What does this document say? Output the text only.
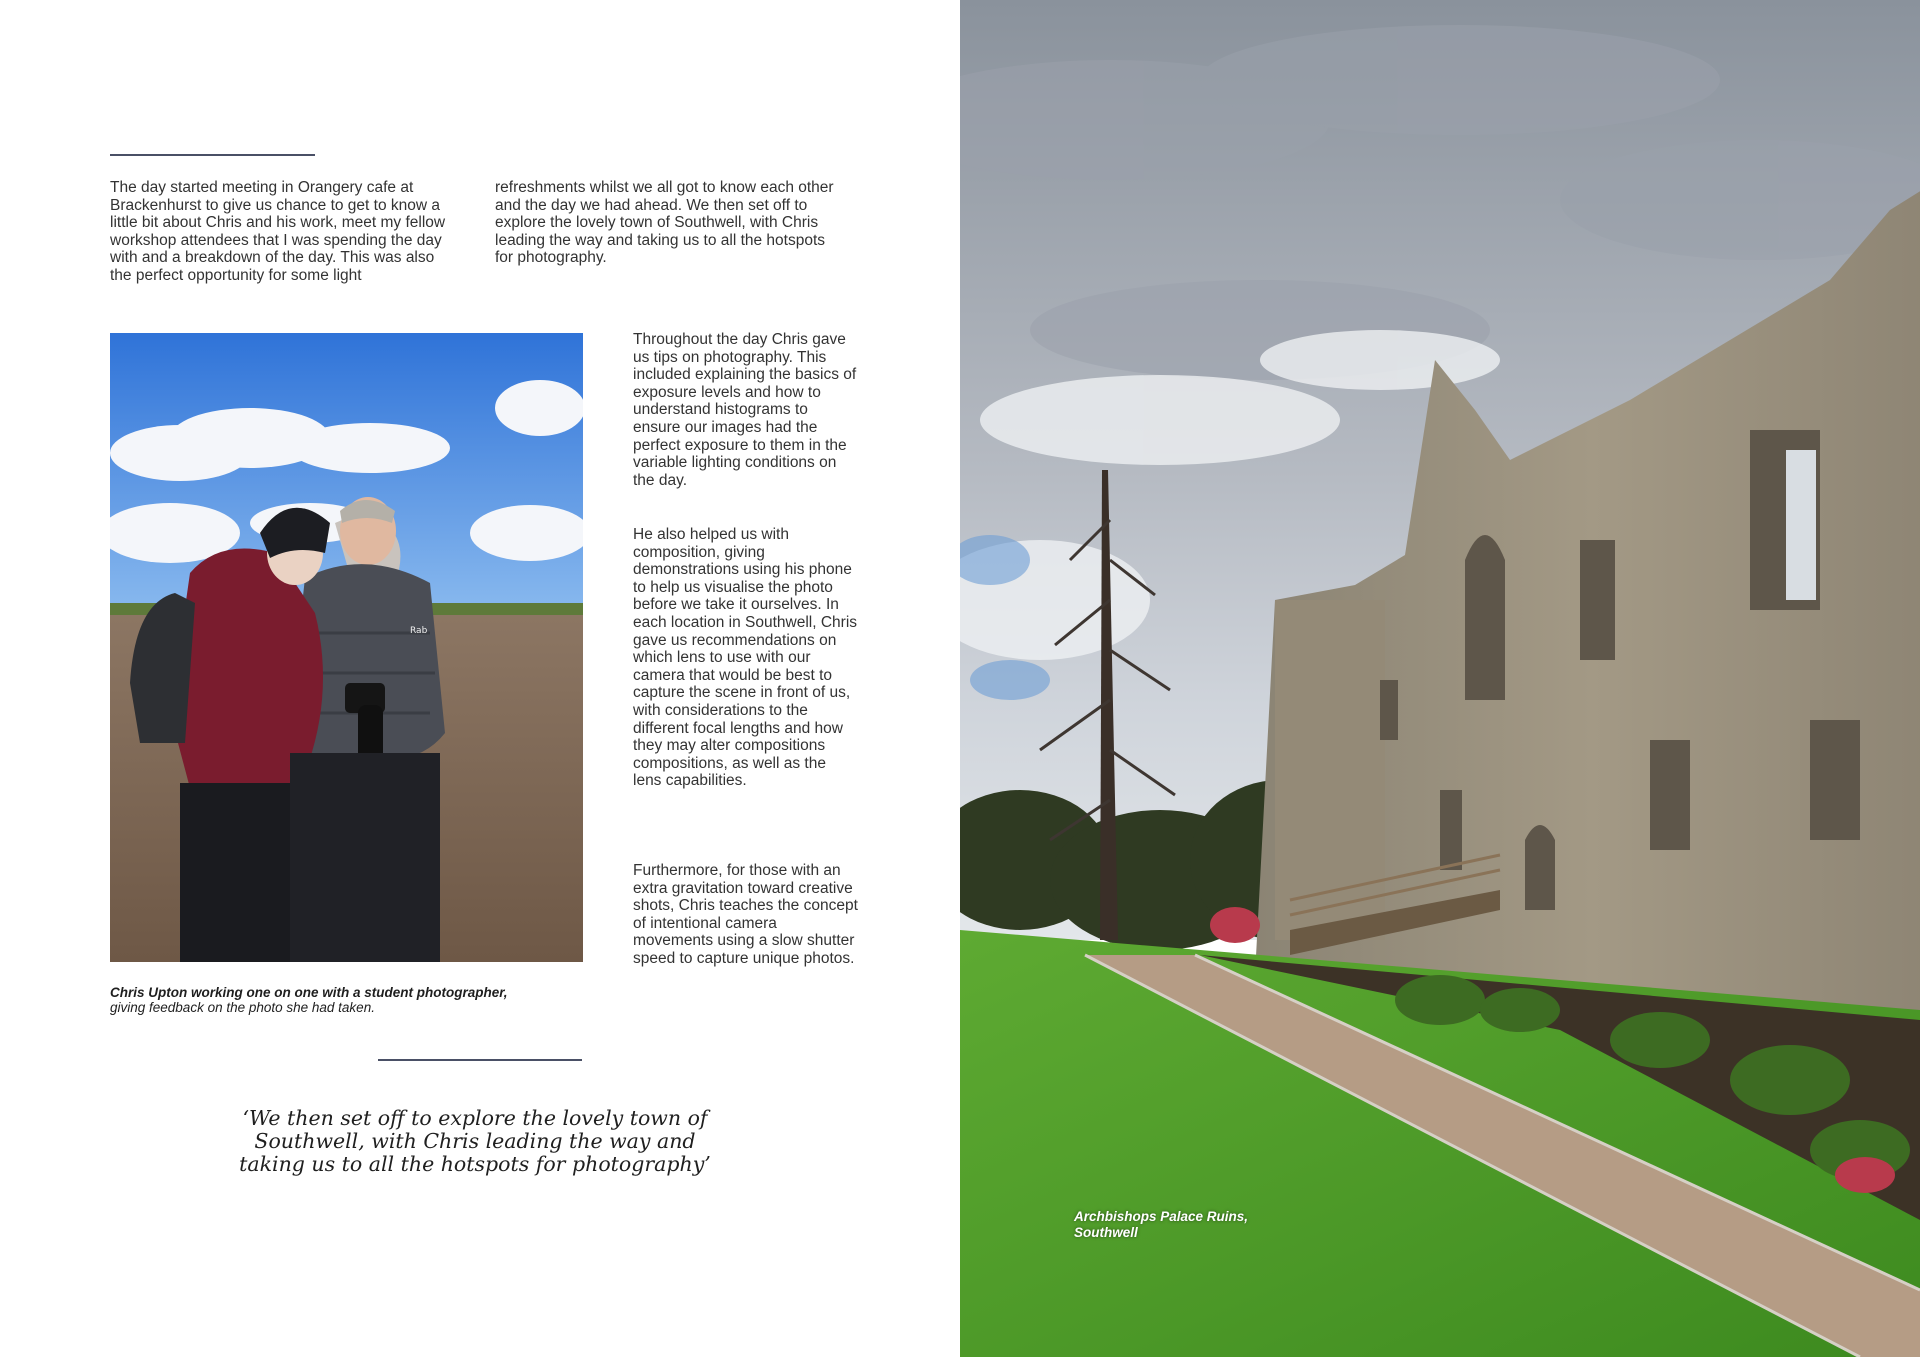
The day started meeting in Orangery cafe at Brackenhurst to give us chance to get to know a little bit about Chris and his work, meet my fellow workshop attendees that I was spending the day with and a breakdown of the day. This was also the perfect opportunity for some light

refreshments whilst we all got to know each other and the day we had ahead. We then set off to explore the lovely town of Southwell, with Chris leading the way and taking us to all the hotspots for photography.

Rab

Throughout the day Chris gave us tips on photography. This included explaining the basics of exposure levels and how to understand histograms to ensure our images had the perfect exposure to them in the variable lighting conditions on the day.

He also helped us with composition, giving demonstrations using his phone to help us visualise the photo before we take it ourselves. In each location in Southwell, Chris gave us recommendations on which lens to use with our camera that would be best to capture the scene in front of us, with considerations to the different focal lengths and how they may alter compositions compositions, as well as the lens capabilities.

Furthermore, for those with an extra gravitation toward creative shots, Chris teaches the concept of intentional camera movements using a slow shutter speed to capture unique photos.

Chris Upton working one on one with a student photographer,
giving feedback on the photo she had taken.
‘We then set off to explore the lovely town of Southwell, with Chris leading the way and taking us to all the hotspots for photography’
Archbishops Palace Ruins,
Southwell
